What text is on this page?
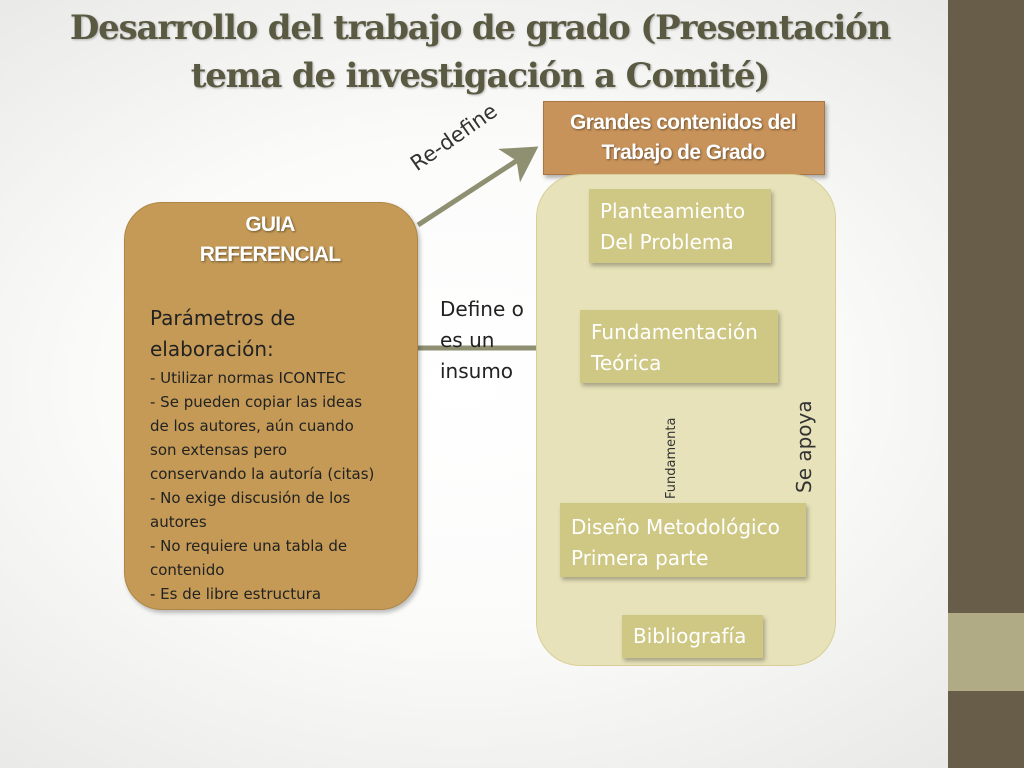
Desarrollo del trabajo de grado (Presentación
tema de investigación a Comité)
GUIA
REFERENCIAL
Parámetros de
elaboración:
- Utilizar normas ICONTEC
- Se pueden copiar las ideas
de los autores, aún cuando
son extensas pero
conservando la autoría (citas)
- No exige discusión de los
autores
- No requiere una tabla de
contenido
- Es de libre estructura
Grandes contenidos del
Trabajo de Grado
Planteamiento
Del Problema
Fundamentación
Teórica
Diseño Metodológico
Primera parte
Bibliografía
Re-define
Define o
es un
insumo
Fundamenta	Se apoya
